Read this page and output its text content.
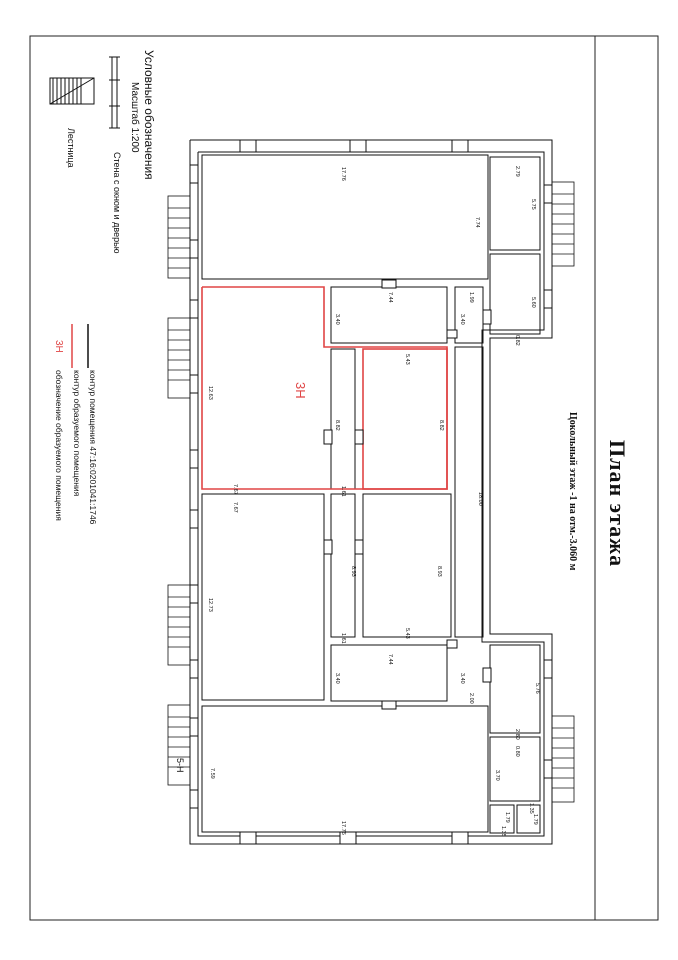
17.76
7.74
2.79
5.75
7.44
3.40
1.99
3.40
5.60
0.82
12.63
8.82
5.43
8.82
7.67	1.61
18.00
7.67
12.73
8.93	8.93
1.61	5.43
7.44
3.40	3.40
2.00
5.76
2.80
7.59
0.80
3.70
1.79
1.35
1.35
1.79
17.76
План этажа
Цокольный этаж -1 на отм.-3.060 м
Условные обозначения
Масштаб 1:200
Стена с окном и дверью
Лестница
контур помещения 47:16:0201041:1746
контур образуемого помещения
3Н
обозначение образуемого помещения	3Н
5-Н
